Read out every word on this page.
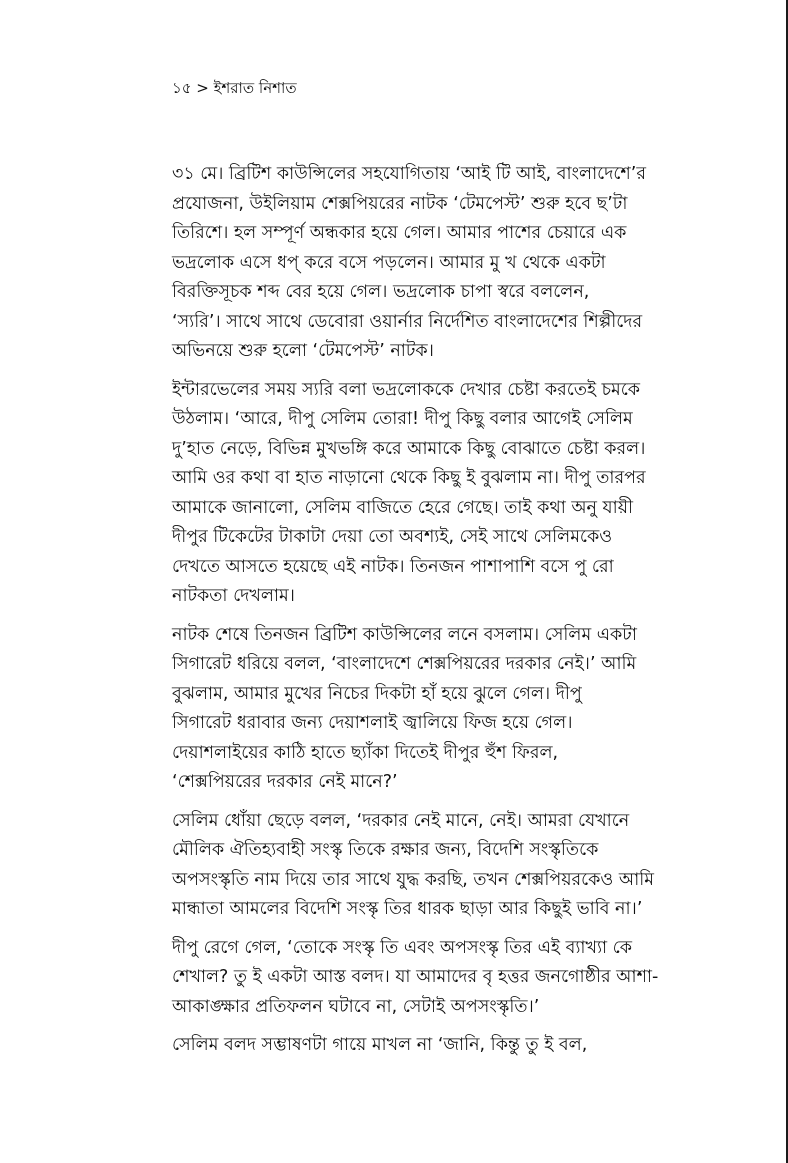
১৫ > ইশরাত নিশাত
৩১ মে। ব্রিটিশ কাউন্সিলের সহযোগিতায় ‘আই টি আই, বাংলাদেশে’র
প্রযোজনা, উইলিয়াম শেক্সপিয়রের নাটক ‘টেমপেস্ট’ শুরু হবে ছ’টা
তিরিশে। হল সম্পূর্ণ অন্ধকার হয়ে গেল। আমার পাশের চেয়ারে এক
ভদ্রলোক এসে ধপ্‌ করে বসে পড়লেন। আমার মু খ থেকে একটা
বিরক্তিসূচক শব্দ বের হয়ে গেল। ভদ্রলোক চাপা স্বরে বললেন,
‘স্যরি’। সাথে সাথে ডেবোরা ওয়ার্নার নির্দেশিত বাংলাদেশের শিল্পীদের
অভিনয়ে শুরু হলো ‘টেমপেস্ট’ নাটক।
ইন্টারভেলের সময় স্যরি বলা ভদ্রলোককে দেখার চেষ্টা করতেই চমকে
উঠলাম। ‘আরে, দীপু সেলিম তোরা! দীপু কিছু বলার আগেই সেলিম
দু’হাত নেড়ে, বিভিন্ন মুখভঙ্গি করে আমাকে কিছু বোঝাতে চেষ্টা করল।
আমি ওর কথা বা হাত নাড়ানো থেকে কিছু ই বুঝলাম না। দীপু তারপর
আমাকে জানালো, সেলিম বাজিতে হেরে গেছে। তাই কথা অনু যায়ী
দীপুর টিকেটের টাকাটা দেয়া তো অবশ্যই, সেই সাথে সেলিমকেও
দেখতে আসতে হয়েছে এই নাটক। তিনজন পাশাপাশি বসে পু রো
নাটকতা দেখলাম।
নাটক শেষে তিনজন ব্রিটিশ কাউন্সিলের লনে বসলাম। সেলিম একটা
সিগারেট ধরিয়ে বলল, ‘বাংলাদেশে শেক্সপিয়রের দরকার নেই।’ আমি
বুঝলাম, আমার মুখের নিচের দিকটা হাঁ হয়ে ঝুলে গেল। দীপু
সিগারেট ধরাবার জন্য দেয়াশলাই জ্বালিয়ে ফিজ হয়ে গেল।
দেয়াশলাইয়ের কাঠি হাতে ছ্যাঁকা দিতেই দীপুর হুঁশ ফিরল,
‘শেক্সপিয়রের দরকার নেই মানে?’
সেলিম ধোঁয়া ছেড়ে বলল, ‘দরকার নেই মানে, নেই। আমরা যেখানে
মৌলিক ঐতিহ্যবাহী সংস্কৃ তিকে রক্ষার জন্য, বিদেশি সংস্কৃতিকে
অপসংস্কৃতি নাম দিয়ে তার সাথে যুদ্ধ করছি, তখন শেক্সপিয়রকেও আমি
মান্ধাতা আমলের বিদেশি সংস্কৃ তির ধারক ছাড়া আর কিছুই ভাবি না।’
দীপু রেগে গেল, ‘তোকে সংস্কৃ তি এবং অপসংস্কৃ তির এই ব্যাখ্যা কে
শেখাল? তু ই একটা আস্ত বলদ। যা আমাদের বৃ হত্তর জনগোষ্ঠীর আশা-
আকাঙ্ক্ষার প্রতিফলন ঘটাবে না, সেটাই অপসংস্কৃতি।’
সেলিম বলদ সম্ভাষণটা গায়ে মাখল না ‘জানি, কিন্তু তু ই বল,
